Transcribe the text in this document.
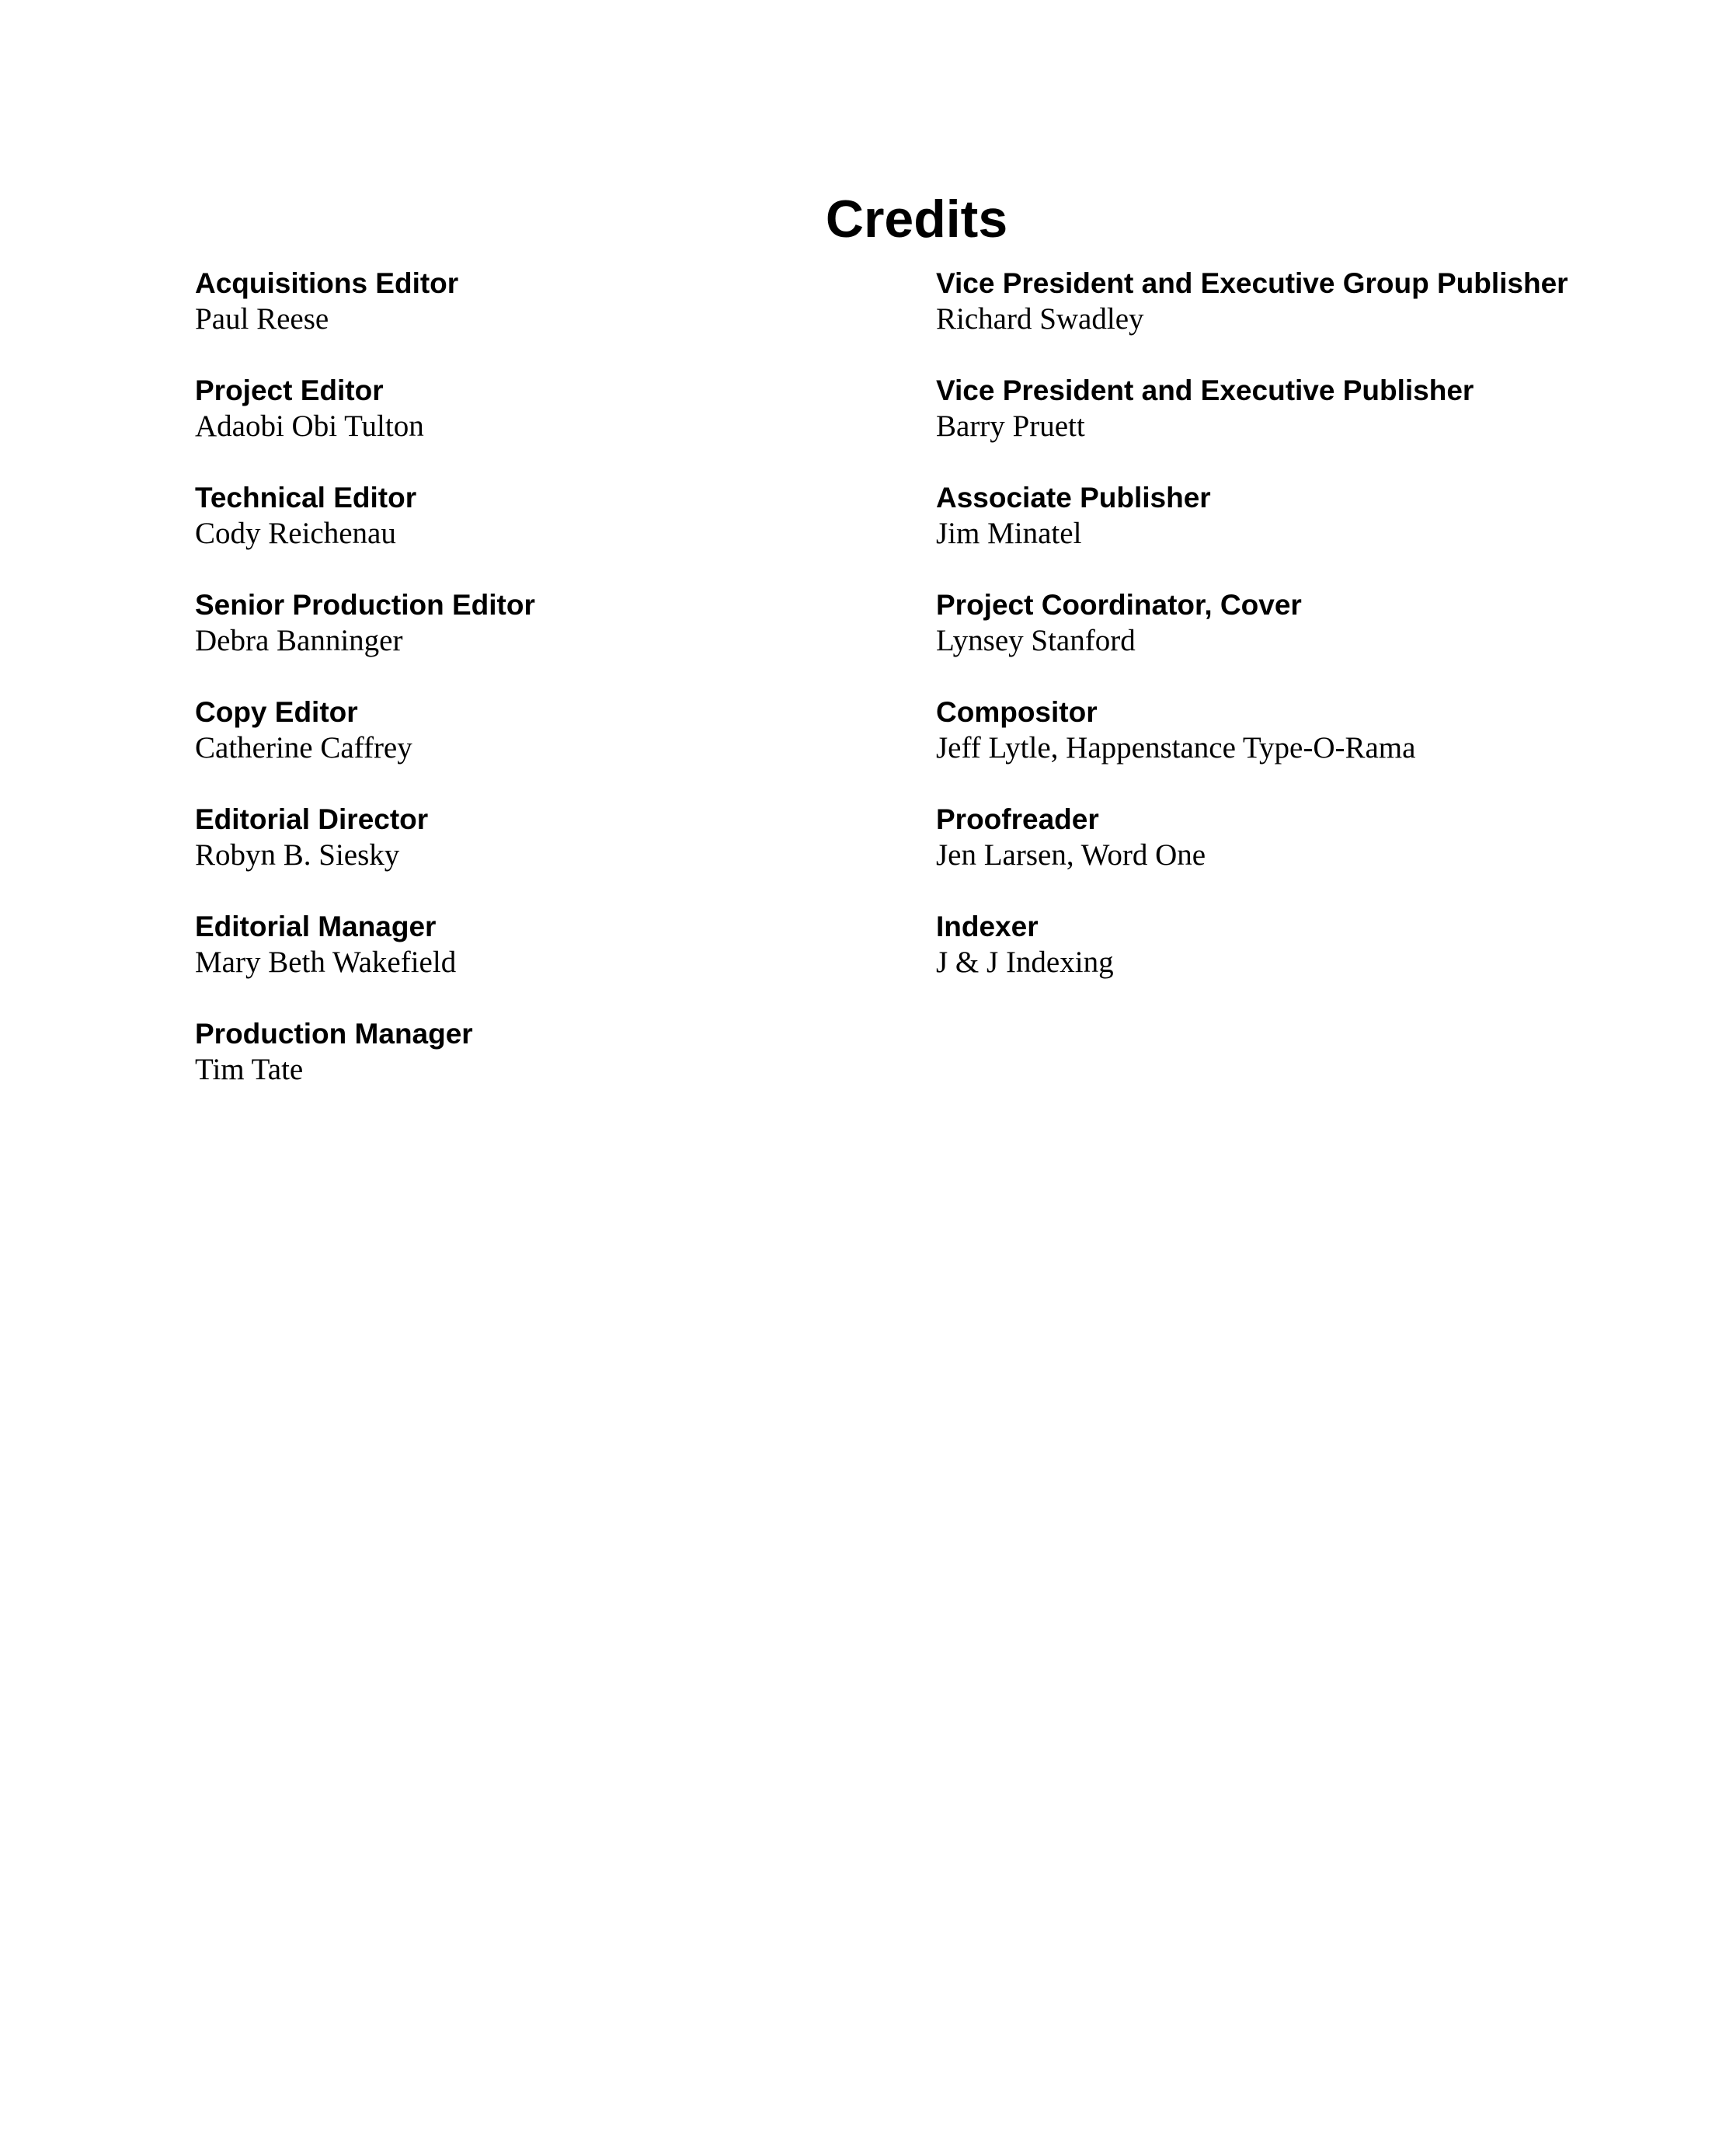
Credits
Acquisitions Editor
Paul Reese
Project Editor
Adaobi Obi Tulton
Technical Editor
Cody Reichenau
Senior Production Editor
Debra Banninger
Copy Editor
Catherine Caffrey
Editorial Director
Robyn B. Siesky
Editorial Manager
Mary Beth Wakefield
Production Manager
Tim Tate
Vice President and Executive Group Publisher
Richard Swadley
Vice President and Executive Publisher
Barry Pruett
Associate Publisher
Jim Minatel
Project Coordinator, Cover
Lynsey Stanford
Compositor
Jeff Lytle, Happenstance Type-O-Rama
Proofreader
Jen Larsen, Word One
Indexer
J & J Indexing
